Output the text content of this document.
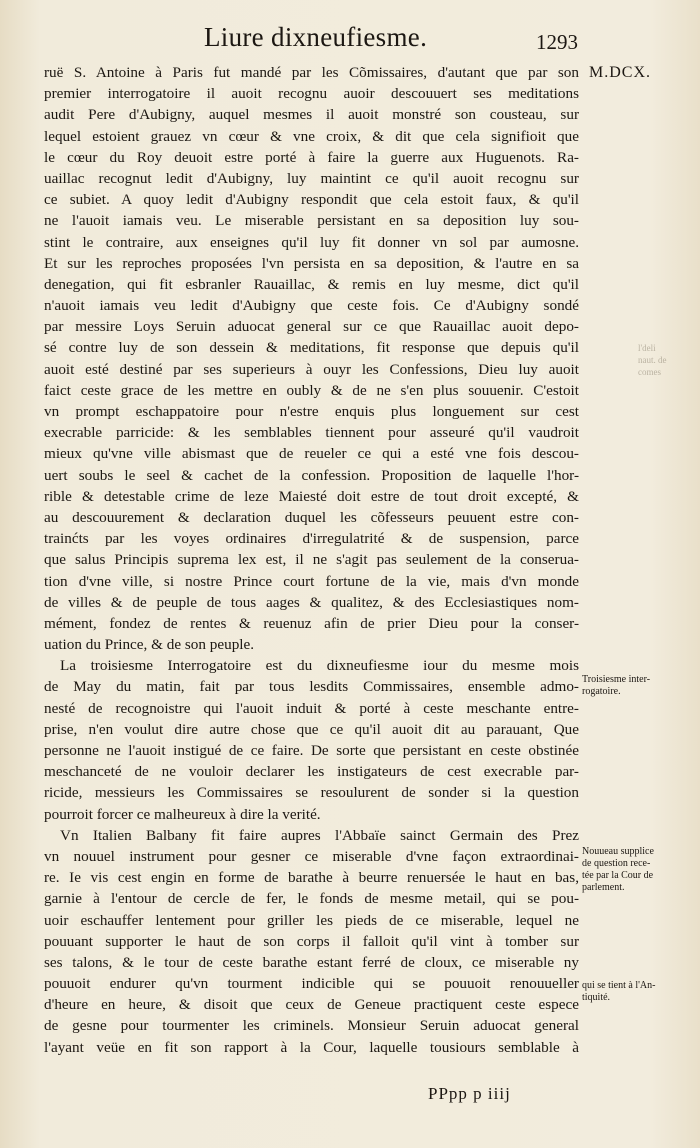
Liure dixneufiesme.	1293
M.DCX.
ruë S. Antoine à Paris fut mandé par les Cõmissaires, d'autant que par son
premier interrogatoire il auoit recognu auoir descouuert ses meditations
audit Pere d'Aubigny, auquel mesmes il auoit monstré son cousteau, sur
lequel estoient grauez vn cœur & vne croix, & dit que cela signifioit que
le cœur du Roy deuoit estre porté à faire la guerre aux Huguenots. Ra-
uaillac recognut ledit d'Aubigny, luy maintint ce qu'il auoit recognu sur
ce subiet. A quoy ledit d'Aubigny respondit que cela estoit faux, & qu'il
ne l'auoit iamais veu. Le miserable persistant en sa deposition luy sou-
stint le contraire, aux enseignes qu'il luy fit donner vn sol par aumosne.
Et sur les reproches proposées l'vn persista en sa deposition, & l'autre en sa
denegation, qui fit esbranler Rauaillac, & remis en luy mesme, dict qu'il
n'auoit iamais veu ledit d'Aubigny que ceste fois. Ce d'Aubigny sondé
par messire Loys Seruin aduocat general sur ce que Rauaillac auoit depo-
sé contre luy de son dessein & meditations, fit response que depuis qu'il
auoit esté destiné par ses superieurs à ouyr les Confessions, Dieu luy auoit
faict ceste grace de les mettre en oubly & de ne s'en plus souuenir. C'estoit
vn prompt eschappatoire pour n'estre enquis plus longuement sur cest
execrable parricide: & les semblables tiennent pour asseuré qu'il vaudroit
mieux qu'vne ville abismast que de reueler ce qui a esté vne fois descou-
uert soubs le seel & cachet de la confession. Proposition de laquelle l'hor-
rible & detestable crime de leze Maiesté doit estre de tout droit excepté, &
au descouurement & declaration duquel les cõfesseurs peuuent estre con-
trainćts par les voyes ordinaires d'irregulatrité & de suspension, parce
que salus Principis suprema lex est, il ne s'agit pas seulement de la conserua-
tion d'vne ville, si nostre Prince court fortune de la vie, mais d'vn monde
de villes & de peuple de tous aages & qualitez, & des Ecclesiastiques nom-
mément, fondez de rentes & reuenuz afin de prier Dieu pour la conser-
uation du Prince, & de son peuple.
La troisiesme Interrogatoire est du dixneufiesme iour du mesme mois
de May du matin, fait par tous lesdits Commissaires, ensemble admo-
nesté de recognoistre qui l'auoit induit & porté à ceste meschante entre-
prise, n'en voulut dire autre chose que ce qu'il auoit dit au parauant, Que
personne ne l'auoit instigué de ce faire. De sorte que persistant en ceste obstinée
meschanceté de ne vouloir declarer les instigateurs de cest execrable par-
ricide, messieurs les Commissaires se resoulurent de sonder si la question
pourroit forcer ce malheureux à dire la verité.
Vn Italien Balbany fit faire aupres l'Abbaïe sainct Germain des Prez
vn nouuel instrument pour gesner ce miserable d'vne façon extraordinai-
re. Ie vis cest engin en forme de barathe à beurre renuersée le haut en bas,
garnie à l'entour de cercle de fer, le fonds de mesme metail, qui se pou-
uoir eschauffer lentement pour griller les pieds de ce miserable, lequel ne
pouuant supporter le haut de son corps il falloit qu'il vint à tomber sur
ses talons, & le tour de ceste barathe estant ferré de cloux, ce miserable ny
pouuoit endurer qu'vn tourment indicible qui se pouuoit renouueller
d'heure en heure, & disoit que ceux de Geneue practiquent ceste espece
de gesne pour tourmenter les criminels. Monsieur Seruin aduocat general
l'ayant veüe en fit son rapport à la Cour, laquelle tousiours semblable à
l'deli
naut. de
comes
Troisiesme inter-
rogatoire.
Nouueau supplice
de question rece-
tée par la Cour de
parlement.
qui se tient à l'An-
tiquité.
PPpp p iiij
